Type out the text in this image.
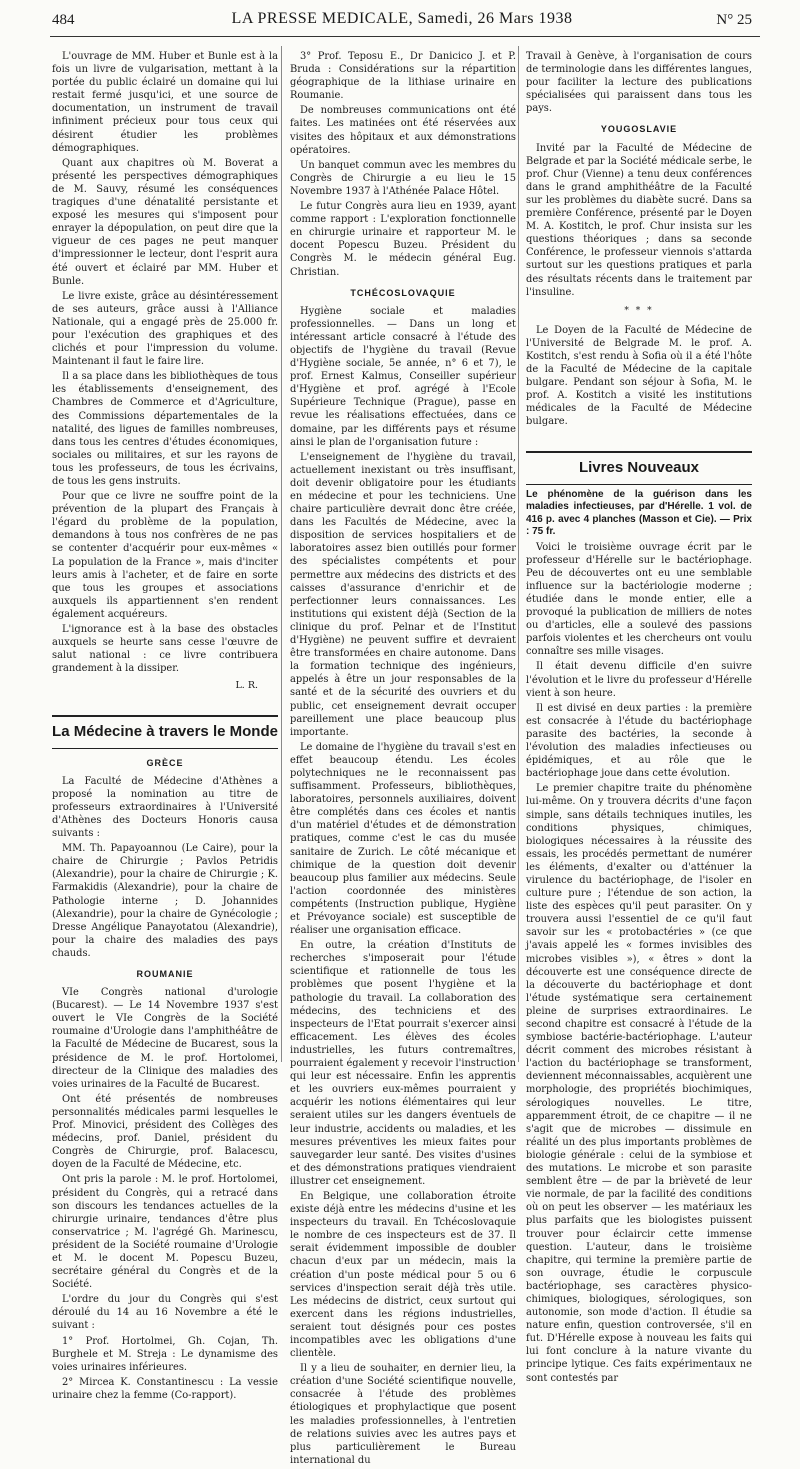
484	LA PRESSE MEDICALE, Samedi, 26 Mars 1938	N° 25

L'ouvrage de MM. Huber et Bunle est à la fois un livre de vulgarisation, mettant à la portée du public éclairé un domaine qui lui restait fermé jusqu'ici, et une source de documentation, un instrument de travail infiniment précieux pour tous ceux qui désirent étudier les problèmes démographiques.

Quant aux chapitres où M. Boverat a présenté les perspectives démographiques de M. Sauvy, résumé les conséquences tragiques d'une dénatalité persistante et exposé les mesures qui s'imposent pour enrayer la dépopulation, on peut dire que la vigueur de ces pages ne peut manquer d'impressionner le lecteur, dont l'esprit aura été ouvert et éclairé par MM. Huber et Bunle.

Le livre existe, grâce au désintéressement de ses auteurs, grâce aussi à l'Alliance Nationale, qui a engagé près de 25.000 fr. pour l'exécution des graphiques et des clichés et pour l'impression du volume. Maintenant il faut le faire lire.

Il a sa place dans les bibliothèques de tous les établissements d'enseignement, des Chambres de Commerce et d'Agriculture, des Commissions départementales de la natalité, des ligues de familles nombreuses, dans tous les centres d'études économiques, sociales ou militaires, et sur les rayons de tous les professeurs, de tous les écrivains, de tous les gens instruits.

Pour que ce livre ne souffre point de la prévention de la plupart des Français à l'égard du problème de la population, demandons à tous nos confrères de ne pas se contenter d'acquérir pour eux-mêmes « La population de la France », mais d'inciter leurs amis à l'acheter, et de faire en sorte que tous les groupes et associations auxquels ils appartiennent s'en rendent également acquéreurs.

L'ignorance est à la base des obstacles auxquels se heurte sans cesse l'œuvre de salut national : ce livre contribuera grandement à la dissiper.

L. R.
La Médecine à travers le Monde
GRÈCE

La Faculté de Médecine d'Athènes a proposé la nomination au titre de professeurs extraordinaires à l'Université d'Athènes des Docteurs Honoris causa suivants :

MM. Th. Papayoannou (Le Caire), pour la chaire de Chirurgie ; Pavlos Petridis (Alexandrie), pour la chaire de Chirurgie ; K. Farmakidis (Alexandrie), pour la chaire de Pathologie interne ; D. Johannides (Alexandrie), pour la chaire de Gynécologie ; Dresse Angélique Panayotatou (Alexandrie), pour la chaire des maladies des pays chauds.

ROUMANIE

VIe Congrès national d'urologie (Bucarest). — Le 14 Novembre 1937 s'est ouvert le VIe Congrès de la Société roumaine d'Urologie dans l'amphithéâtre de la Faculté de Médecine de Bucarest, sous la présidence de M. le prof. Hortolomei, directeur de la Clinique des maladies des voies urinaires de la Faculté de Bucarest.

Ont été présentés de nombreuses personnalités médicales parmi lesquelles le Prof. Minovici, président des Collèges des médecins, prof. Daniel, président du Congrès de Chirurgie, prof. Balacescu, doyen de la Faculté de Médecine, etc.

Ont pris la parole : M. le prof. Hortolomei, président du Congrès, qui a retracé dans son discours les tendances actuelles de la chirurgie urinaire, tendances d'être plus conservatrice ; M. l'agrégé Gh. Marinescu, président de la Société roumaine d'Urologie et M. le docent M. Popescu Buzeu, secrétaire général du Congrès et de la Société.

L'ordre du jour du Congrès qui s'est déroulé du 14 au 16 Novembre a été le suivant :

1° Prof. Hortolmei, Gh. Cojan, Th. Burghele et M. Streja : Le dynamisme des voies urinaires inférieures.

2° Mircea K. Constantinescu : La vessie urinaire chez la femme (Co-rapport).

3° Prof. Teposu E., Dr Danicico J. et P. Bruda : Considérations sur la répartition géographique de la lithiase urinaire en Roumanie.

De nombreuses communications ont été faites. Les matinées ont été réservées aux visites des hôpitaux et aux démonstrations opératoires.

Un banquet commun avec les membres du Congrès de Chirurgie a eu lieu le 15 Novembre 1937 à l'Athénée Palace Hôtel.

Le futur Congrès aura lieu en 1939, ayant comme rapport : L'exploration fonctionnelle en chirurgie urinaire et rapporteur M. le docent Popescu Buzeu. Président du Congrès M. le médecin général Eug. Christian.

TCHÉCOSLOVAQUIE

Hygiène sociale et maladies professionnelles. — Dans un long et intéressant article consacré à l'étude des objectifs de l'hygiène du travail (Revue d'Hygiène sociale, 5e année, n° 6 et 7), le prof. Ernest Kalmus, Conseiller supérieur d'Hygiène et prof. agrégé à l'Ecole Supérieure Technique (Prague), passe en revue les réalisations effectuées, dans ce domaine, par les différents pays et résume ainsi le plan de l'organisation future :

L'enseignement de l'hygiène du travail, actuellement inexistant ou très insuffisant, doit devenir obligatoire pour les étudiants en médecine et pour les techniciens. Une chaire particulière devrait donc être créée, dans les Facultés de Médecine, avec la disposition de services hospitaliers et de laboratoires assez bien outillés pour former des spécialistes compétents et pour permettre aux médecins des districts et des caisses d'assurance d'enrichir et de perfectionner leurs connaissances. Les institutions qui existent déjà (Section de la clinique du prof. Pelnar et de l'Institut d'Hygiène) ne peuvent suffire et devraient être transformées en chaire autonome. Dans la formation technique des ingénieurs, appelés à être un jour responsables de la santé et de la sécurité des ouvriers et du public, cet enseignement devrait occuper pareillement une place beaucoup plus importante.

Le domaine de l'hygiène du travail s'est en effet beaucoup étendu. Les écoles polytechniques ne le reconnaissent pas suffisamment. Professeurs, bibliothèques, laboratoires, personnels auxiliaires, doivent être complétés dans ces écoles et nantis d'un matériel d'études et de démonstration pratiques, comme c'est le cas du musée sanitaire de Zurich. Le côté mécanique et chimique de la question doit devenir beaucoup plus familier aux médecins. Seule l'action coordonnée des ministères compétents (Instruction publique, Hygiène et Prévoyance sociale) est susceptible de réaliser une organisation efficace.

En outre, la création d'Instituts de recherches s'imposerait pour l'étude scientifique et rationnelle de tous les problèmes que posent l'hygiène et la pathologie du travail. La collaboration des médecins, des techniciens et des inspecteurs de l'Etat pourrait s'exercer ainsi efficacement. Les élèves des écoles industrielles, les futurs contremaîtres, pourraient également y recevoir l'instruction qui leur est nécessaire. Enfin les apprentis et les ouvriers eux-mêmes pourraient y acquérir les notions élémentaires qui leur seraient utiles sur les dangers éventuels de leur industrie, accidents ou maladies, et les mesures préventives les mieux faites pour sauvegarder leur santé. Des visites d'usines et des démonstrations pratiques viendraient illustrer cet enseignement.

En Belgique, une collaboration étroite existe déjà entre les médecins d'usine et les inspecteurs du travail. En Tchécoslovaquie le nombre de ces inspecteurs est de 37. Il serait évidemment impossible de doubler chacun d'eux par un médecin, mais la création d'un poste médical pour 5 ou 6 services d'inspection serait déjà très utile. Les médecins de district, ceux surtout qui exercent dans les régions industrielles, seraient tout désignés pour ces postes incompatibles avec les obligations d'une clientèle.

Il y a lieu de souhaiter, en dernier lieu, la création d'une Société scientifique nouvelle, consacrée à l'étude des problèmes étiologiques et prophylactique que posent les maladies professionnelles, à l'entretien de relations suivies avec les autres pays et plus particulièrement le Bureau international du

Travail à Genève, à l'organisation de cours de terminologie dans les différentes langues, pour faciliter la lecture des publications spécialisées qui paraissent dans tous les pays.

YOUGOSLAVIE

Invité par la Faculté de Médecine de Belgrade et par la Société médicale serbe, le prof. Chur (Vienne) a tenu deux conférences dans le grand amphithéâtre de la Faculté sur les problèmes du diabète sucré. Dans sa première Conférence, présenté par le Doyen M. A. Kostitch, le prof. Chur insista sur les questions théoriques ; dans sa seconde Conférence, le professeur viennois s'attarda surtout sur les questions pratiques et parla des résultats récents dans le traitement par l'insuline.

* * *

Le Doyen de la Faculté de Médecine de l'Université de Belgrade M. le prof. A. Kostitch, s'est rendu à Sofia où il a été l'hôte de la Faculté de Médecine de la capitale bulgare. Pendant son séjour à Sofia, M. le prof. A. Kostitch a visité les institutions médicales de la Faculté de Médecine bulgare.

Livres Nouveaux

Le phénomène de la guérison dans les maladies infectieuses, par d'Hérelle. 1 vol. de 416 p. avec 4 planches (Masson et Cie). — Prix : 75 fr.

Voici le troisième ouvrage écrit par le professeur d'Hérelle sur le bactériophage. Peu de découvertes ont eu une semblable influence sur la bactériologie moderne ; étudiée dans le monde entier, elle a provoqué la publication de milliers de notes ou d'articles, elle a soulevé des passions parfois violentes et les chercheurs ont voulu connaître ses mille visages.

Il était devenu difficile d'en suivre l'évolution et le livre du professeur d'Hérelle vient à son heure.

Il est divisé en deux parties : la première est consacrée à l'étude du bactériophage parasite des bactéries, la seconde à l'évolution des maladies infectieuses ou épidémiques, et au rôle que le bactériophage joue dans cette évolution.

Le premier chapitre traite du phénomène lui-même. On y trouvera décrits d'une façon simple, sans détails techniques inutiles, les conditions physiques, chimiques, biologiques nécessaires à la réussite des essais, les procédés permettant de numérer les éléments, d'exalter ou d'atténuer la virulence du bactériophage, de l'isoler en culture pure ; l'étendue de son action, la liste des espèces qu'il peut parasiter. On y trouvera aussi l'essentiel de ce qu'il faut savoir sur les « protobactéries » (ce que j'avais appelé les « formes invisibles des microbes visibles »), « êtres » dont la découverte est une conséquence directe de la découverte du bactériophage et dont l'étude systématique sera certainement pleine de surprises extraordinaires. Le second chapitre est consacré à l'étude de la symbiose bactérie-bactériophage. L'auteur décrit comment des microbes résistant à l'action du bactériophage se transforment, deviennent méconnaissables, acquièrent une morphologie, des propriétés biochimiques, sérologiques nouvelles. Le titre, apparemment étroit, de ce chapitre — il ne s'agit que de microbes — dissimule en réalité un des plus importants problèmes de biologie générale : celui de la symbiose et des mutations. Le microbe et son parasite semblent être — de par la brièveté de leur vie normale, de par la facilité des conditions où on peut les observer — les matériaux les plus parfaits que les biologistes puissent trouver pour éclaircir cette immense question. L'auteur, dans le troisième chapitre, qui termine la première partie de son ouvrage, étudie le corpuscule bactériophage, ses caractères physico-chimiques, biologiques, sérologiques, son autonomie, son mode d'action. Il étudie sa nature enfin, question controversée, s'il en fut. D'Hérelle expose à nouveau les faits qui lui font conclure à la nature vivante du principe lytique. Ces faits expérimentaux ne sont contestés par
